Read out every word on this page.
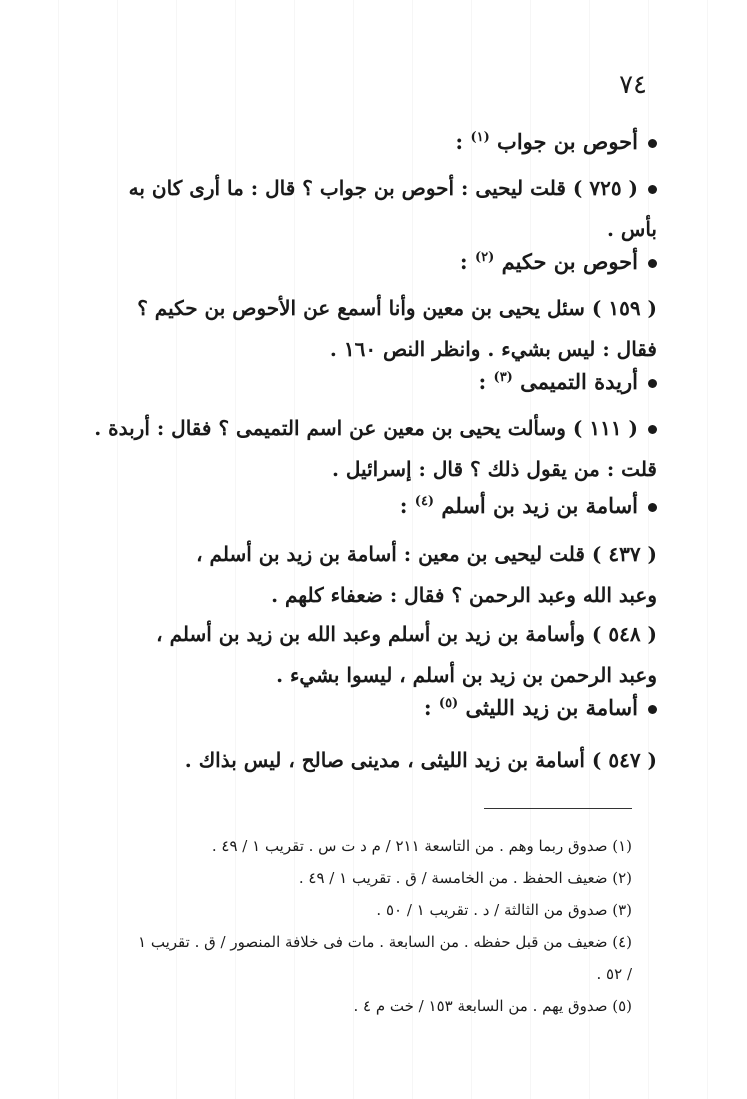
٧٤
أحوص بن جواب $^{(١)}$ :
( ٧٢٥ ) قلت ليحيى : أحوص بن جواب ؟ قال : ما أرى كان به
بأس .
أحوص بن حكيم $^{(٢)}$ :
( ١٥٩ ) سئل يحيى بن معين وأنا أسمع عن الأحوص بن حكيم ؟
فقال : ليس بشيء . وانظر النص ١٦٠ .
أريدة التميمى $^{(٣)}$ :
( ١١١ ) وسألت يحيى بن معين عن اسم التميمى ؟ فقال : أربدة .
قلت : من يقول ذلك ؟ قال : إسرائيل .
أسامة بن زيد بن أسلم $^{(٤)}$ :
( ٤٣٧ ) قلت ليحيى بن معين : أسامة بن زيد بن أسلم ،
وعبد الله وعبد الرحمن ؟ فقال : ضعفاء كلهم .
( ٥٤٨ ) وأسامة بن زيد بن أسلم وعبد الله بن زيد بن أسلم ،
وعبد الرحمن بن زيد بن أسلم ، ليسوا بشيء .
أسامة بن زيد الليثى $^{(٥)}$ :
( ٥٤٧ ) أسامة بن زيد الليثى ، مدينى صالح ، ليس بذاك .
(١) صدوق ربما وهم . من التاسعة ٢١١ / م د ت س . تقريب ١ / ٤٩ .
(٢) ضعيف الحفظ . من الخامسة / ق . تقريب ١ / ٤٩ .
(٣) صدوق من الثالثة / د . تقريب ١ / ٥٠ .
(٤) ضعيف من قبل حفظه . من السابعة . مات فى خلافة المنصور / ق . تقريب ١
/ ٥٢ .
(٥) صدوق يهم . من السابعة ١٥٣ / خت م ٤ .
